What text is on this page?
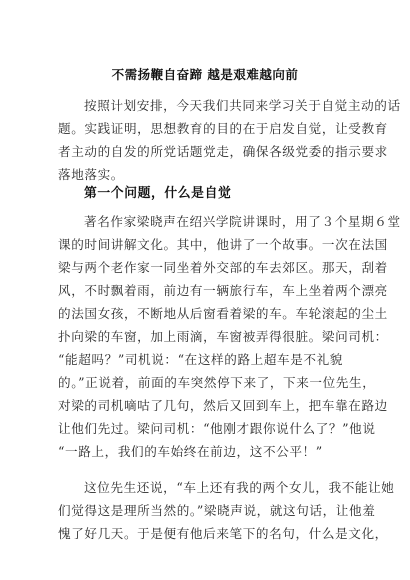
不需扬鞭自奋蹄 越是艰难越向前
按照计划安排，今天我们共同来学习关于自觉主动的话
题。实践证明，思想教育的目的在于启发自觉，让受教育
者主动的自发的所党话题党走，确保各级党委的指示要求
落地落实。
第一个问题，什么是自觉
著名作家梁晓声在绍兴学院讲课时，用了３个星期６堂
课的时间讲解文化。其中，他讲了一个故事。一次在法国
梁与两个老作家一同坐着外交部的车去郊区。那天，刮着
风，不时飘着雨，前边有一辆旅行车，车上坐着两个漂亮
的法国女孩，不断地从后窗看着梁的车。车轮滚起的尘土
扑向梁的车窗，加上雨滴，车窗被弄得很脏。梁问司机：
“能超吗？”司机说：“在这样的路上超车是不礼貌
的。”正说着，前面的车突然停下来了，下来一位先生，
对梁的司机嘀咕了几句，然后又回到车上，把车靠在路边
让他们先过。梁问司机：“他刚才跟你说什么了？”他说
“一路上，我们的车始终在前边，这不公平！”
这位先生还说，“车上还有我的两个女儿，我不能让她
们觉得这是理所当然的。”梁晓声说，就这句话，让他羞
愧了好几天。于是便有他后来笔下的名句，什么是文化，
